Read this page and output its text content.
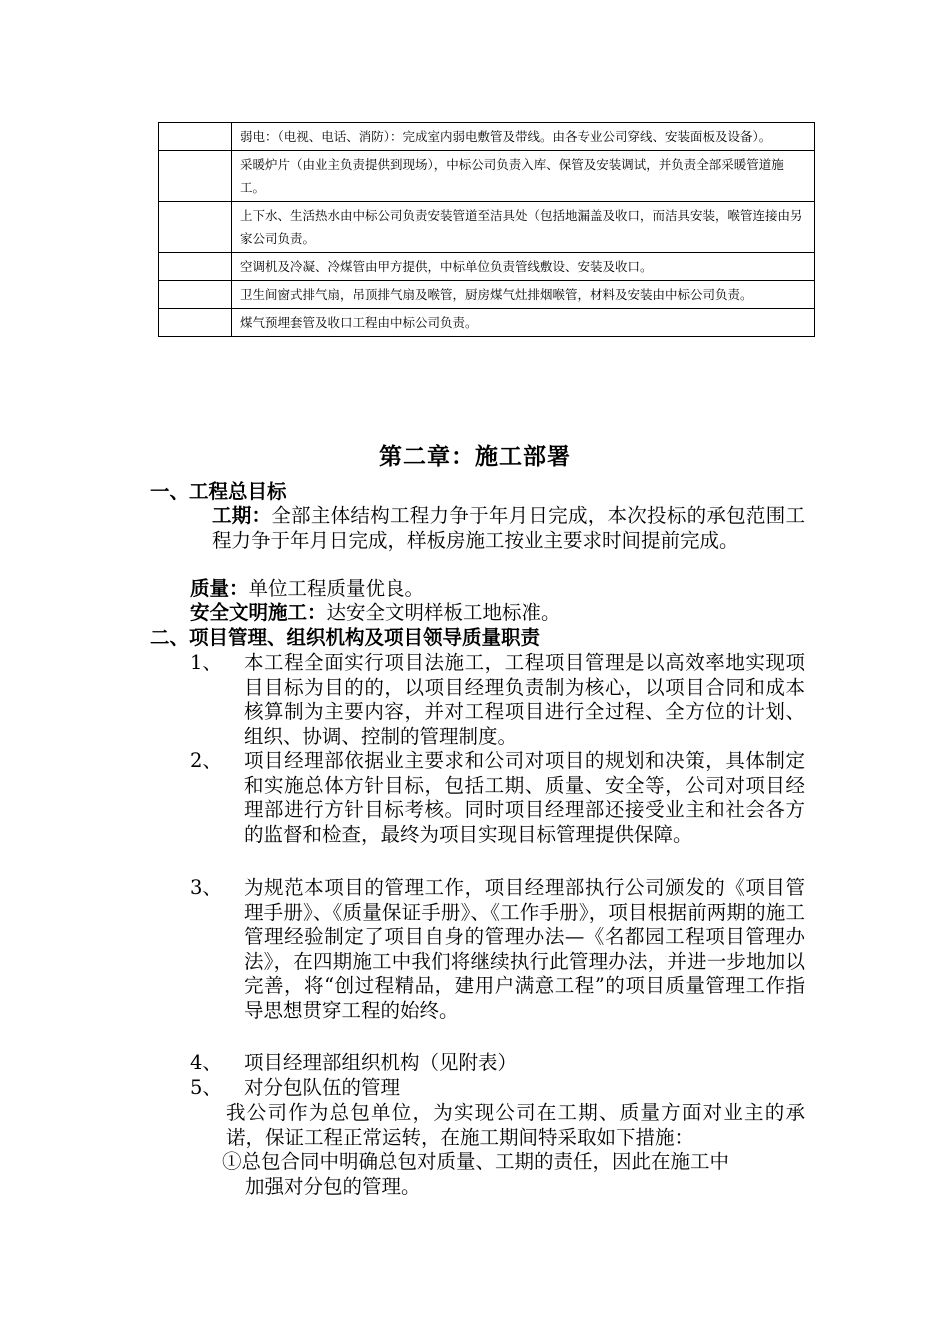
	弱电：（电视、电话、消防）：完成室内弱电敷管及带线。由各专业公司穿线、安装面板及设备）。
	采暖炉片（由业主负责提供到现场），中标公司负责入库、保管及安装调试，并负责全部采暖管道施工。
	上下水、生活热水由中标公司负责安装管道至洁具处（包括地漏盖及收口，而洁具安装，喉管连接由另家公司负责。
	空调机及冷凝、冷煤管由甲方提供，中标单位负责管线敷设、安装及收口。
	卫生间窗式排气扇，吊顶排气扇及喉管，厨房煤气灶排烟喉管，材料及安装由中标公司负责。
	煤气预埋套管及收口工程由中标公司负责。
第二章：施工部署
一、工程总目标
工期：全部主体结构工程力争于年月日完成，本次投标的承包范围工程力争于年月日完成，样板房施工按业主要求时间提前完成。
质量：单位工程质量优良。
安全文明施工：达安全文明样板工地标准。
二、项目管理、组织机构及项目领导质量职责
1、	本工程全面实行项目法施工，工程项目管理是以高效率地实现项目目标为目的的，以项目经理负责制为核心，以项目合同和成本核算制为主要内容，并对工程项目进行全过程、全方位的计划、组织、协调、控制的管理制度。
2、	项目经理部依据业主要求和公司对项目的规划和决策，具体制定和实施总体方针目标，包括工期、质量、安全等，公司对项目经理部进行方针目标考核。同时项目经理部还接受业主和社会各方的监督和检查，最终为项目实现目标管理提供保障。
3、	为规范本项目的管理工作，项目经理部执行公司颁发的《项目管理手册》、《质量保证手册》、《工作手册》，项目根据前两期的施工管理经验制定了项目自身的管理办法—《名都园工程项目管理办法》，在四期施工中我们将继续执行此管理办法，并进一步地加以完善，将“创过程精品，建用户满意工程”的项目质量管理工作指导思想贯穿工程的始终。
4、	项目经理部组织机构（见附表）
5、	对分包队伍的管理
我公司作为总包单位，为实现公司在工期、质量方面对业主的承诺，保证工程正常运转，在施工期间特采取如下措施：
①总包合同中明确总包对质量、工期的责任，因此在施工中
加强对分包的管理。
